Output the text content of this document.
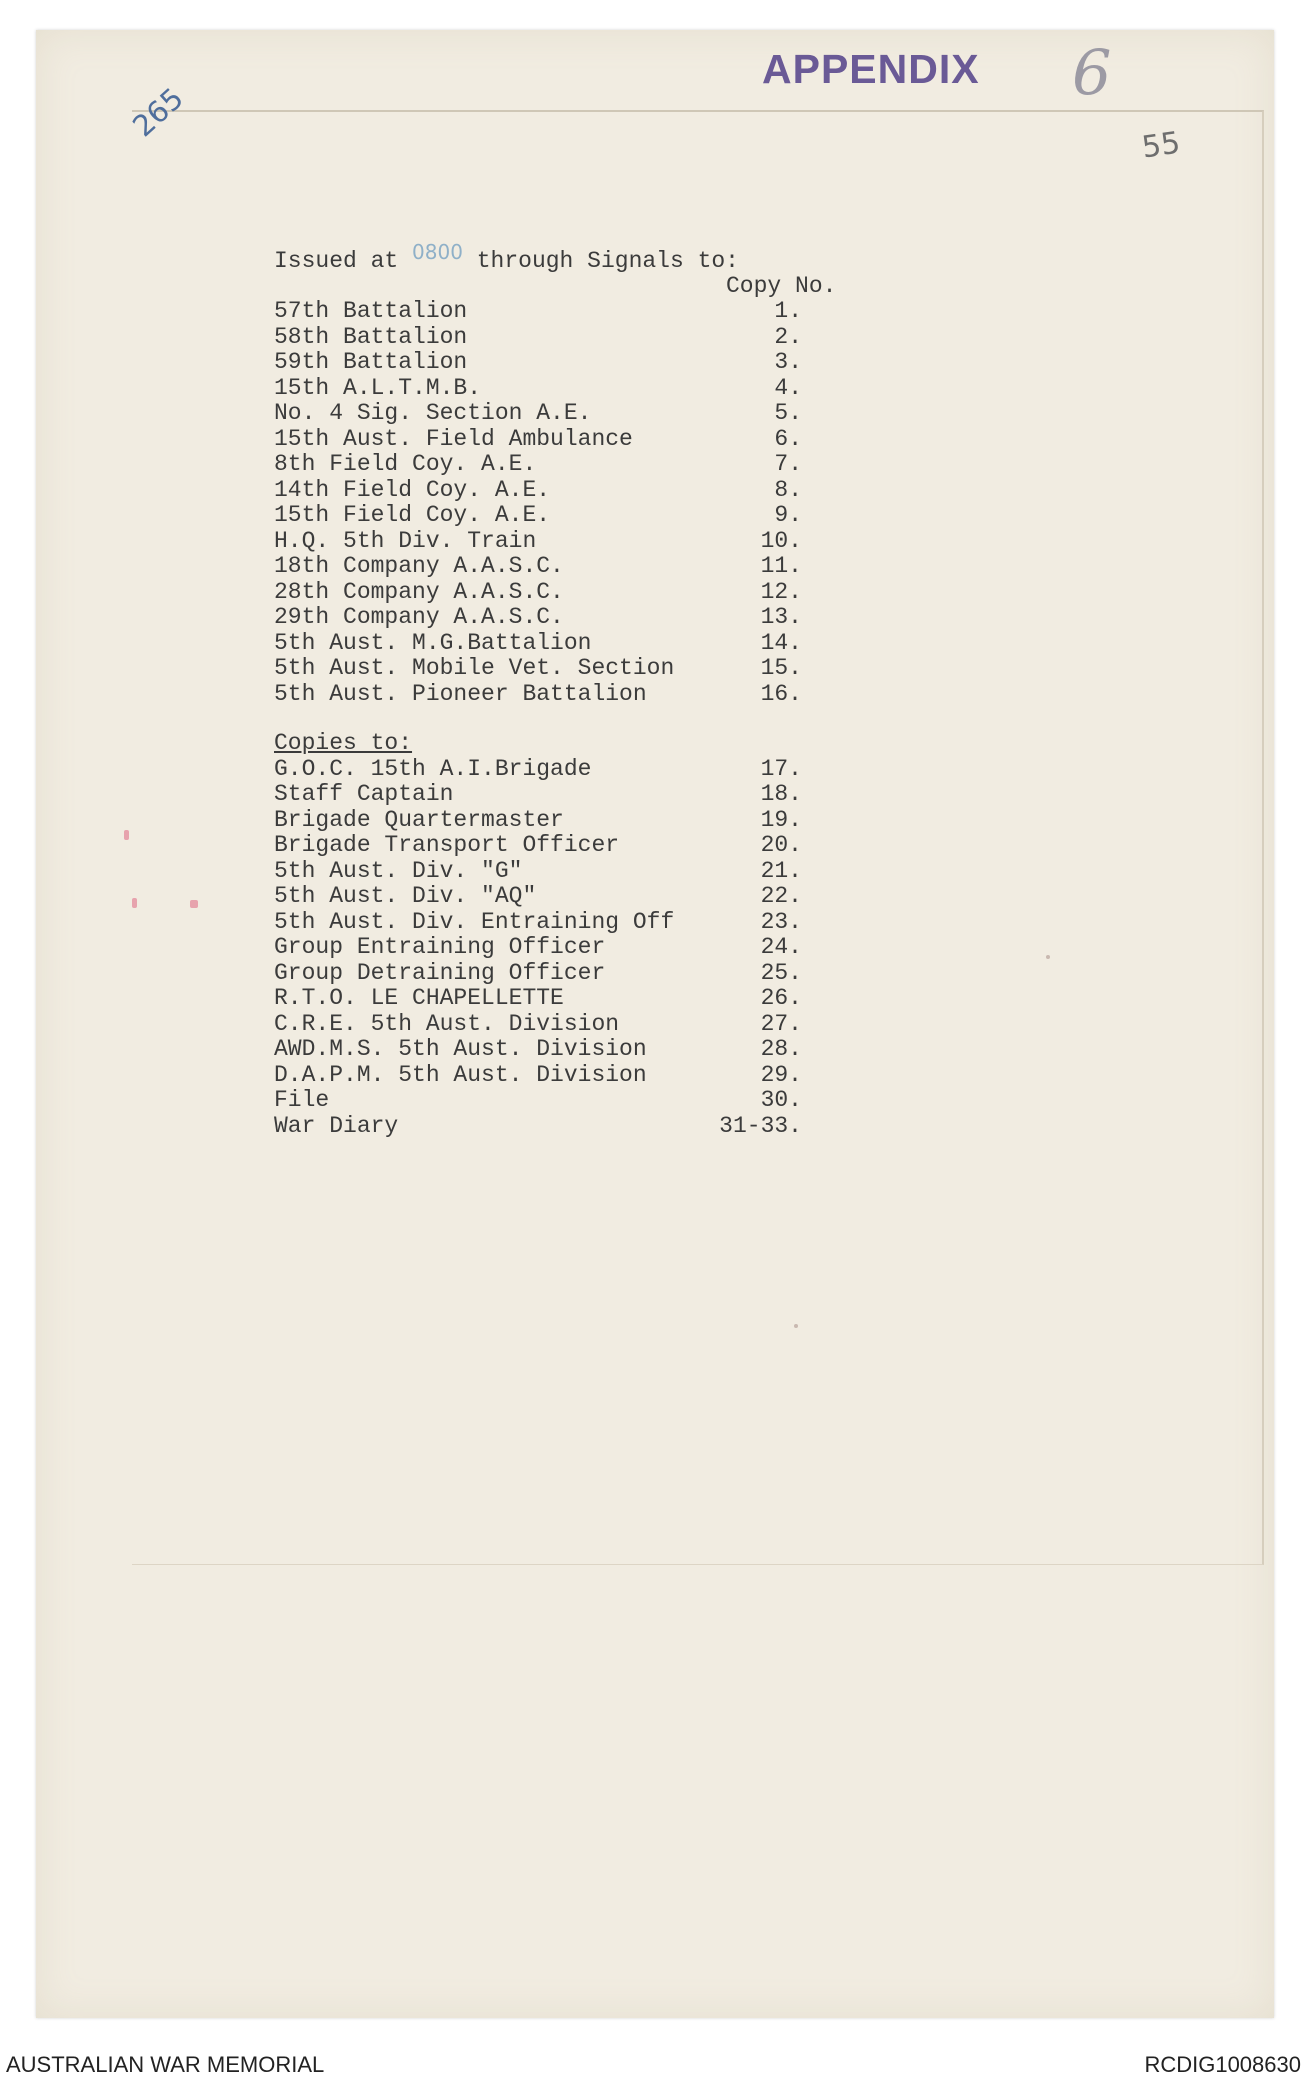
APPENDIX 6
265
55
Issued at 0800 through Signals to:
Copy No.
57th Battalion	1.
58th Battalion	2.
59th Battalion	3.
15th A.L.T.M.B.	4.
No. 4 Sig. Section A.E.	5.
15th Aust. Field Ambulance	6.
8th Field Coy. A.E.	7.
14th Field Coy. A.E.	8.
15th Field Coy. A.E.	9.
H.Q. 5th Div. Train	10.
18th Company A.A.S.C.	11.
28th Company A.A.S.C.	12.
29th Company A.A.S.C.	13.
5th Aust. M.G.Battalion	14.
5th Aust. Mobile Vet. Section	15.
5th Aust. Pioneer Battalion	16.
Copies to:
G.O.C. 15th A.I.Brigade	17.
Staff Captain	18.
Brigade Quartermaster	19.
Brigade Transport Officer	20.
5th Aust. Div. "G"	21.
5th Aust. Div. "AQ"	22.
5th Aust. Div. Entraining Off	23.
Group Entraining Officer	24.
Group Detraining Officer	25.
R.T.O. LE CHAPELLETTE	26.
C.R.E. 5th Aust. Division	27.
AWD.M.S. 5th Aust. Division	28.
D.A.P.M. 5th Aust. Division	29.
File	30.
War Diary	31-33.
AUSTRALIAN WAR MEMORIAL	RCDIG1008630
